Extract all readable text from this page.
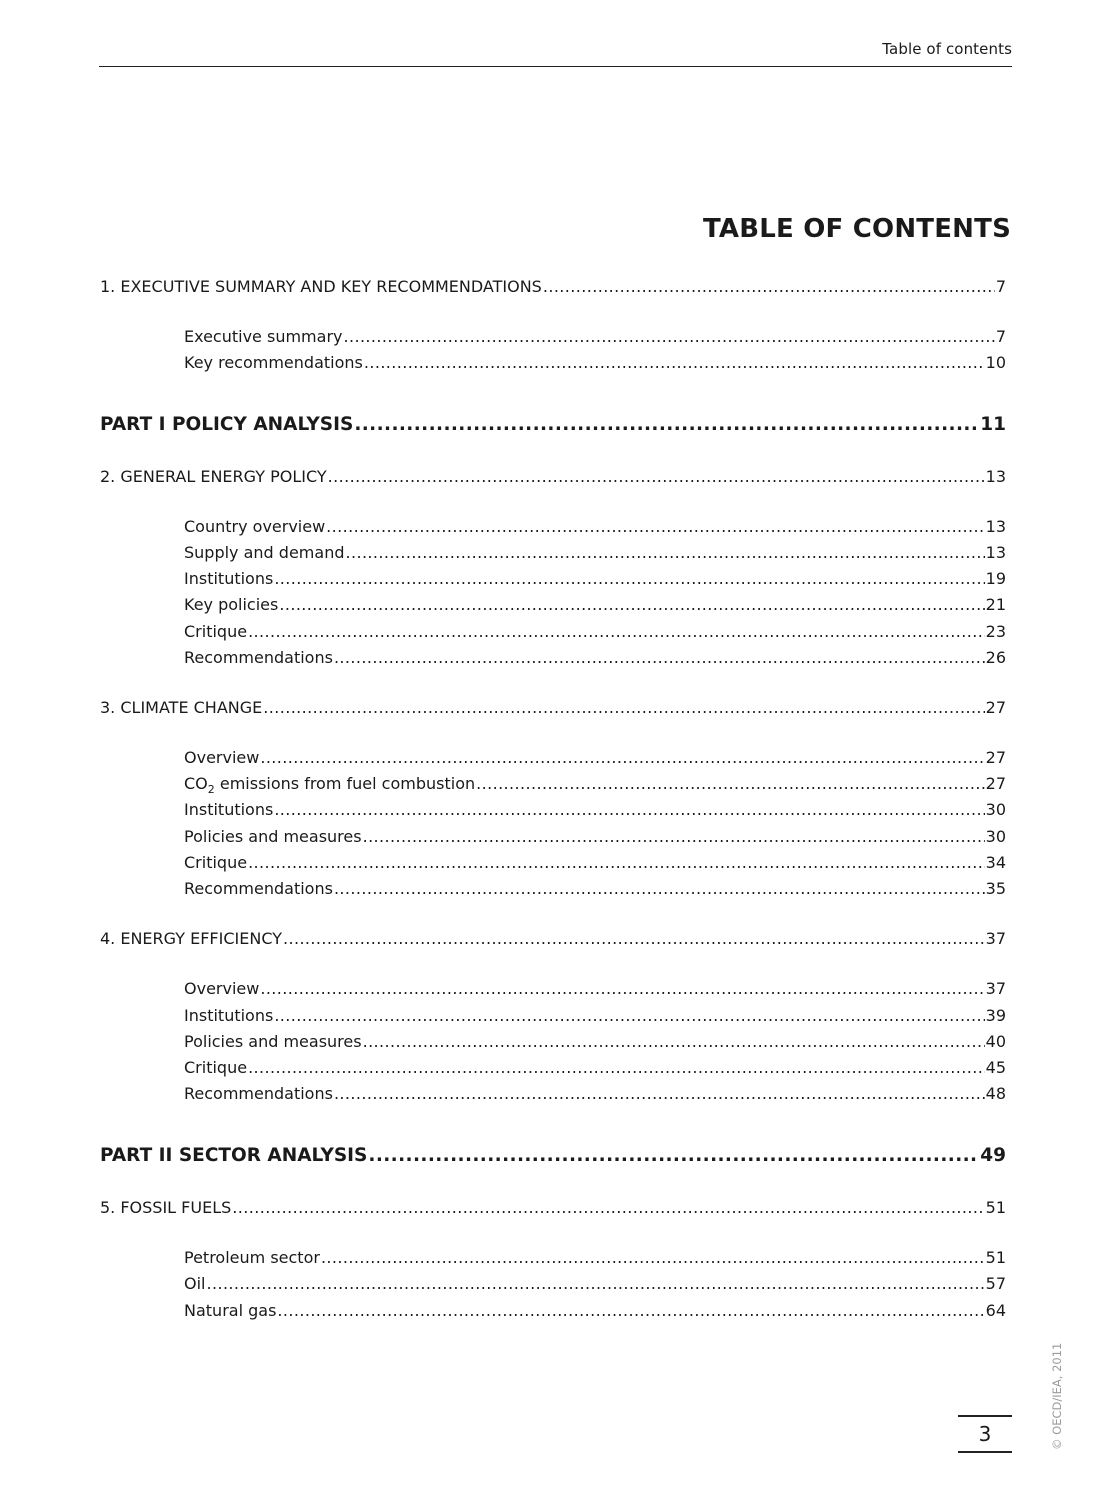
Table of contents
TABLE OF CONTENTS
1. EXECUTIVE SUMMARY AND KEY RECOMMENDATIONS .....	7
Executive summary .....	7
Key recommendations .....	10
PART I POLICY ANALYSIS .....	11
2. GENERAL ENERGY POLICY .....	13
Country overview .....	13
Supply and demand .....	13
Institutions .....	19
Key policies .....	21
Critique .....	23
Recommendations .....	26
3. CLIMATE CHANGE .....	27
Overview .....	27
$CO_2$ emissions from fuel combustion .....	27
Institutions .....	30
Policies and measures .....	30
Critique .....	34
Recommendations .....	35
4. ENERGY EFFICIENCY .....	37
Overview .....	37
Institutions .....	39
Policies and measures .....	40
Critique .....	45
Recommendations .....	48
PART II SECTOR ANALYSIS .....	49
5. FOSSIL FUELS .....	51
Petroleum sector .....	51
Oil .....	57
Natural gas .....	64
3	© OECD/IEA, 2011
